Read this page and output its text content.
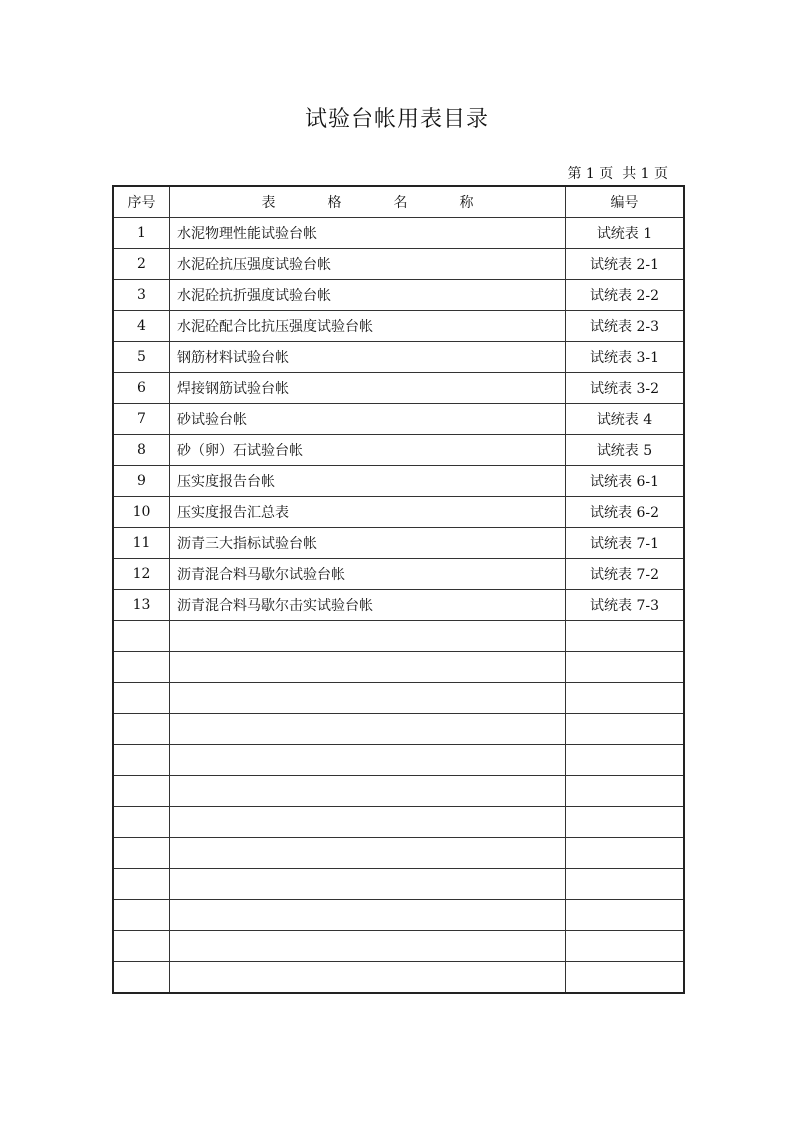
试验台帐用表目录
第 1 页  共 1 页
序号	表格名称	编号
1	水泥物理性能试验台帐	试统表 1
2	水泥砼抗压强度试验台帐	试统表 2-1
3	水泥砼抗折强度试验台帐	试统表 2-2
4	水泥砼配合比抗压强度试验台帐	试统表 2-3
5	钢筋材料试验台帐	试统表 3-1
6	焊接钢筋试验台帐	试统表 3-2
7	砂试验台帐	试统表 4
8	砂（卵）石试验台帐	试统表 5
9	压实度报告台帐	试统表 6-1
10	压实度报告汇总表	试统表 6-2
11	沥青三大指标试验台帐	试统表 7-1
12	沥青混合料马歇尔试验台帐	试统表 7-2
13	沥青混合料马歇尔击实试验台帐	试统表 7-3
